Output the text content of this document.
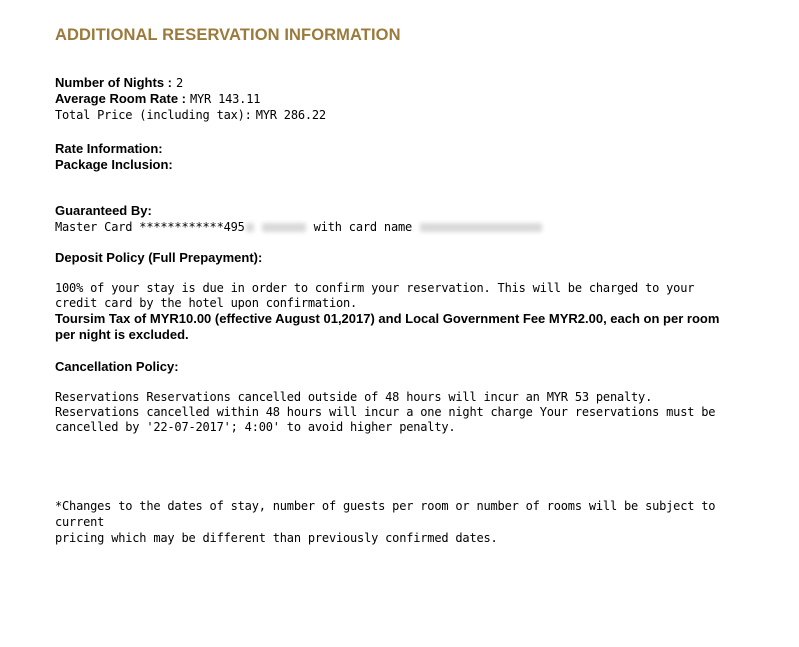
ADDITIONAL RESERVATION INFORMATION
Number of Nights : 2
Average Room Rate : MYR 143.11
Total Price (including tax): MYR 286.22
Rate Information:
Package Inclusion:
Guaranteed By:
Master Card ************495	with card name
Deposit Policy (Full Prepayment):
100% of your stay is due in order to confirm your reservation. This will be charged to your credit card by the hotel upon confirmation.
Toursim Tax of MYR10.00 (effective August 01,2017) and Local Government Fee MYR2.00, each on per room per night is excluded.
Cancellation Policy:
Reservations Reservations cancelled outside of 48 hours will incur an MYR 53 penalty. Reservations cancelled within 48 hours will incur a one night charge Your reservations must be cancelled by '22-07-2017'; 4:00' to avoid higher penalty.
*Changes to the dates of stay, number of guests per room or number of rooms will be subject to
current
pricing which may be different than previously confirmed dates.
